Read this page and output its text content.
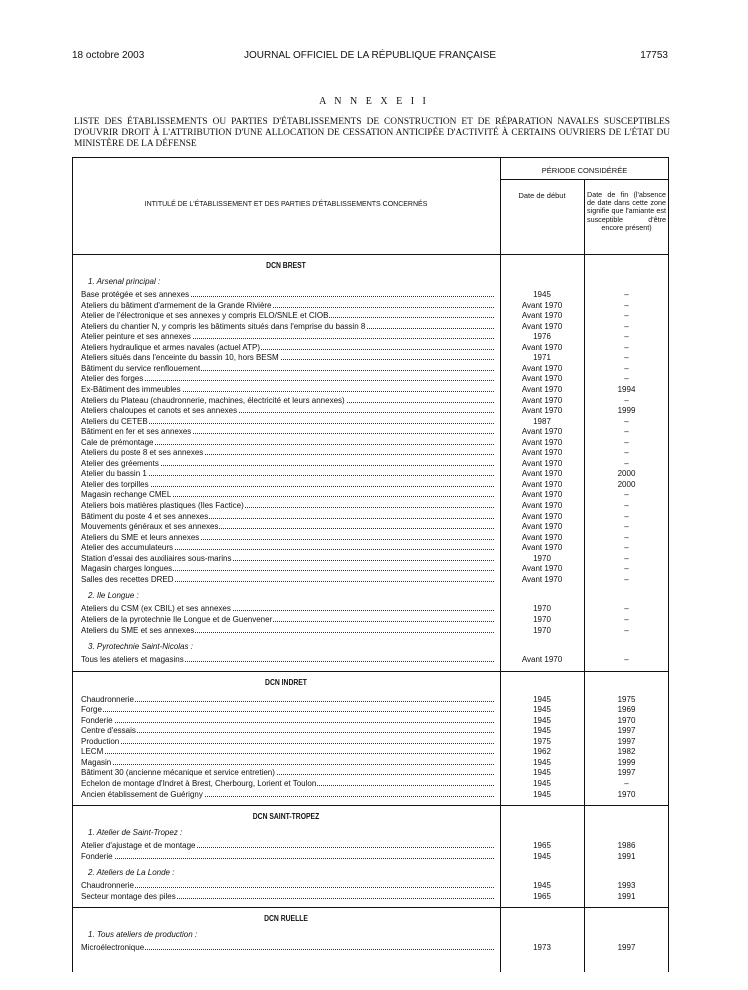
18 octobre 2003	JOURNAL OFFICIEL DE LA RÉPUBLIQUE FRANÇAISE	17753
A N N E X E I I
LISTE DES ÉTABLISSEMENTS OU PARTIES D'ÉTABLISSEMENTS DE CONSTRUCTION ET DE RÉPARATION NAVALES SUSCEPTIBLES D'OUVRIR DROIT À L'ATTRIBUTION D'UNE ALLOCATION DE CESSATION ANTICIPÉE D'ACTIVITÉ À CERTAINS OUVRIERS DE L'ÉTAT DU MINISTÈRE DE LA DÉFENSE
PÉRIODE CONSIDÉRÉE
Date de début	Date de fin (l'absence de date dans cette zone signifie que l'amiante est susceptible d'être encore présent)
INTITULÉ DE L'ÉTABLISSEMENT ET DES PARTIES D'ÉTABLISSEMENTS CONCERNÉS
DCN BREST
1. Arsenal principal :
Base protégée et ses annexes	1945	–
Ateliers du bâtiment d'armement de la Grande Rivière	Avant 1970	–
Atelier de l'électronique et ses annexes y compris ELO/SNLE et CIOB	Avant 1970	–
Ateliers du chantier N, y compris les bâtiments situés dans l'emprise du bassin 8	Avant 1970	–
Atelier peinture et ses annexes	1976	–
Ateliers hydraulique et armes navales (actuel ATP)	Avant 1970	–
Ateliers situés dans l'enceinte du bassin 10, hors BESM	1971	–
Bâtiment du service renflouement	Avant 1970	–
Atelier des forges	Avant 1970	–
Ex-Bâtiment des immeubles	Avant 1970	1994
Ateliers du Plateau (chaudronnerie, machines, électricité et leurs annexes)	Avant 1970	–
Ateliers chaloupes et canots et ses annexes	Avant 1970	1999
Ateliers du CETEB	1987	–
Bâtiment en fer et ses annexes	Avant 1970	–
Cale de prémontage	Avant 1970	–
Ateliers du poste 8 et ses annexes	Avant 1970	–
Atelier des gréements	Avant 1970	–
Atelier du bassin 1	Avant 1970	2000
Atelier des torpilles	Avant 1970	2000
Magasin rechange CMEL	Avant 1970	–
Ateliers bois matières plastiques (Iles Factice)	Avant 1970	–
Bâtiment du poste 4 et ses annexes	Avant 1970	–
Mouvements généraux et ses annexes	Avant 1970	–
Ateliers du SME et leurs annexes	Avant 1970	–
Atelier des accumulateurs	Avant 1970	–
Station d'essai des auxiliaires sous-marins	1970	–
Magasin charges longues	Avant 1970	–
Salles des recettes DRED	Avant 1970	–
2. Ile Longue :
Ateliers du CSM (ex CBIL) et ses annexes	1970	–
Ateliers de la pyrotechnie Ile Longue et de Guenvener	1970	–
Ateliers du SME et ses annexes	1970	–
3. Pyrotechnie Saint-Nicolas :
Tous les ateliers et magasins	Avant 1970	–
DCN INDRET
Chaudronnerie	1945	1975
Forge	1945	1969
Fonderie	1945	1970
Centre d'essais	1945	1997
Production	1975	1997
LECM	1962	1982
Magasin	1945	1999
Bâtiment 30 (ancienne mécanique et service entretien)	1945	1997
Echelon de montage d'Indret à Brest, Cherbourg, Lorient et Toulon	1945	–
Ancien établissement de Guérigny	1945	1970
DCN SAINT-TROPEZ
1. Atelier de Saint-Tropez :
Atelier d'ajustage et de montage	1965	1986
Fonderie	1945	1991
2. Ateliers de La Londe :
Chaudronnerie	1945	1993
Secteur montage des piles	1965	1991
DCN RUELLE
1. Tous ateliers de production :
Microélectronique	1973	1997
